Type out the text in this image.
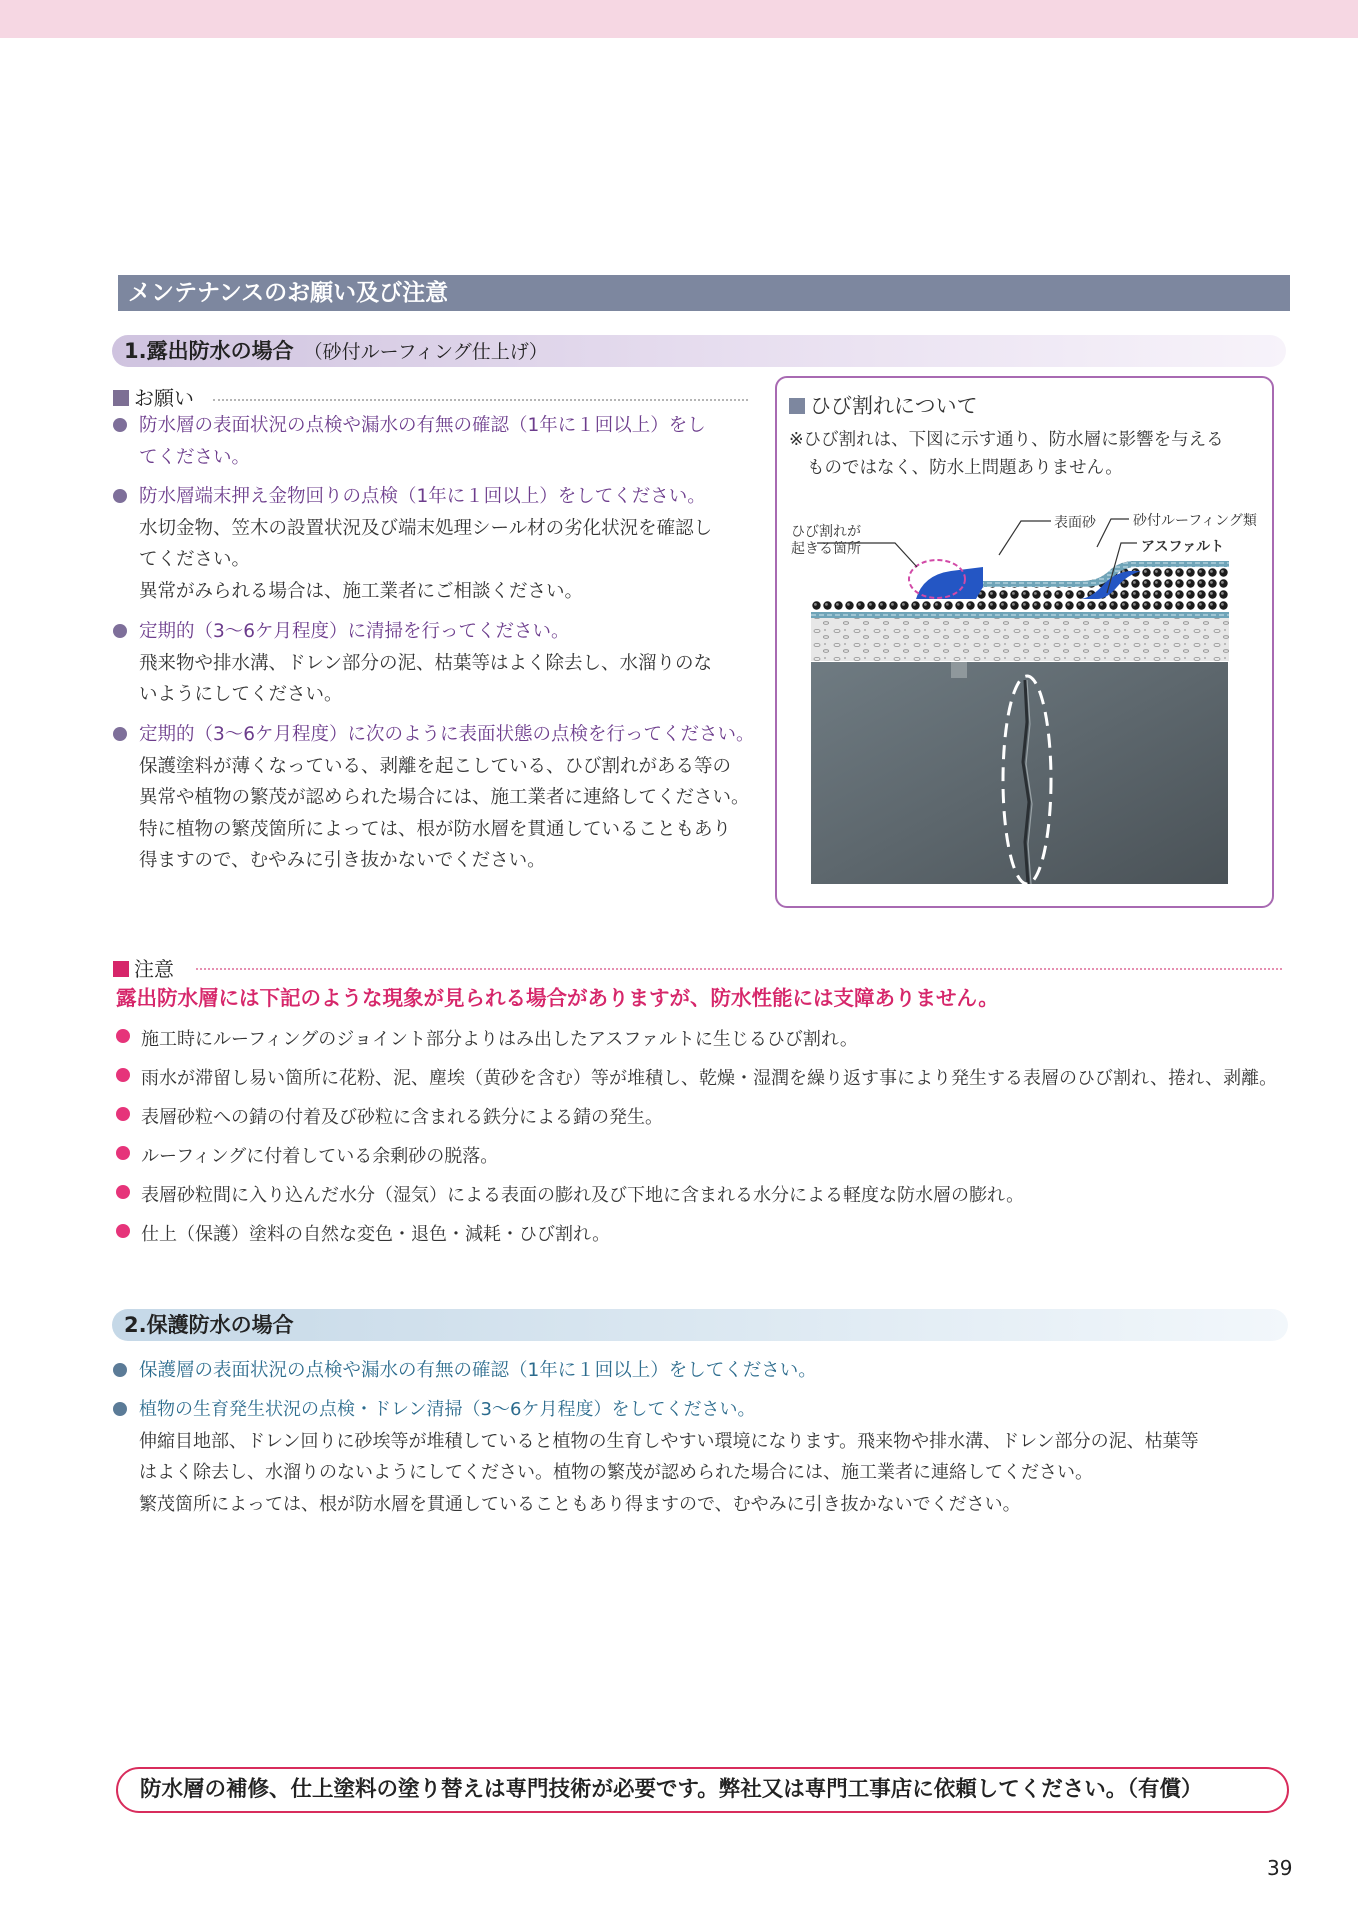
メンテナンスのお願い及び注意
1.露出防水の場合 （砂付ルーフィング仕上げ）
お願い
防水層の表面状況の点検や漏水の有無の確認（1年に１回以上）をし
てください。
防水層端末押え金物回りの点検（1年に１回以上）をしてください。
水切金物、笠木の設置状況及び端末処理シール材の劣化状況を確認し
てください。
異常がみられる場合は、施工業者にご相談ください。
定期的（3〜6ケ月程度）に清掃を行ってください。
飛来物や排水溝、ドレン部分の泥、枯葉等はよく除去し、水溜りのな
いようにしてください。
定期的（3〜6ケ月程度）に次のように表面状態の点検を行ってください。
保護塗料が薄くなっている、剥離を起こしている、ひび割れがある等の
異常や植物の繁茂が認められた場合には、施工業者に連絡してください。
特に植物の繁茂箇所によっては、根が防水層を貫通していることもあり
得ますので、むやみに引き抜かないでください。
ひび割れについて
※ひび割れは、下図に示す通り、防水層に影響を与える
ものではなく、防水上問題ありません。
ひび割れが
起きる箇所
表面砂	砂付ルーフィング類
アスファルト
注意
露出防水層には下記のような現象が見られる場合がありますが、防水性能には支障ありません。
施工時にルーフィングのジョイント部分よりはみ出したアスファルトに生じるひび割れ。
雨水が滞留し易い箇所に花粉、泥、塵埃（黄砂を含む）等が堆積し、乾燥・湿潤を繰り返す事により発生する表層のひび割れ、捲れ、剥離。
表層砂粒への錆の付着及び砂粒に含まれる鉄分による錆の発生。
ルーフィングに付着している余剰砂の脱落。
表層砂粒間に入り込んだ水分（湿気）による表面の膨れ及び下地に含まれる水分による軽度な防水層の膨れ。
仕上（保護）塗料の自然な変色・退色・減耗・ひび割れ。
2.保護防水の場合
保護層の表面状況の点検や漏水の有無の確認（1年に１回以上）をしてください。
植物の生育発生状況の点検・ドレン清掃（3〜6ケ月程度）をしてください。
伸縮目地部、ドレン回りに砂埃等が堆積していると植物の生育しやすい環境になります。飛来物や排水溝、ドレン部分の泥、枯葉等
はよく除去し、水溜りのないようにしてください。植物の繁茂が認められた場合には、施工業者に連絡してください。
繁茂箇所によっては、根が防水層を貫通していることもあり得ますので、むやみに引き抜かないでください。
防水層の補修、仕上塗料の塗り替えは専門技術が必要です。弊社又は専門工事店に依頼してください。（有償）
39
